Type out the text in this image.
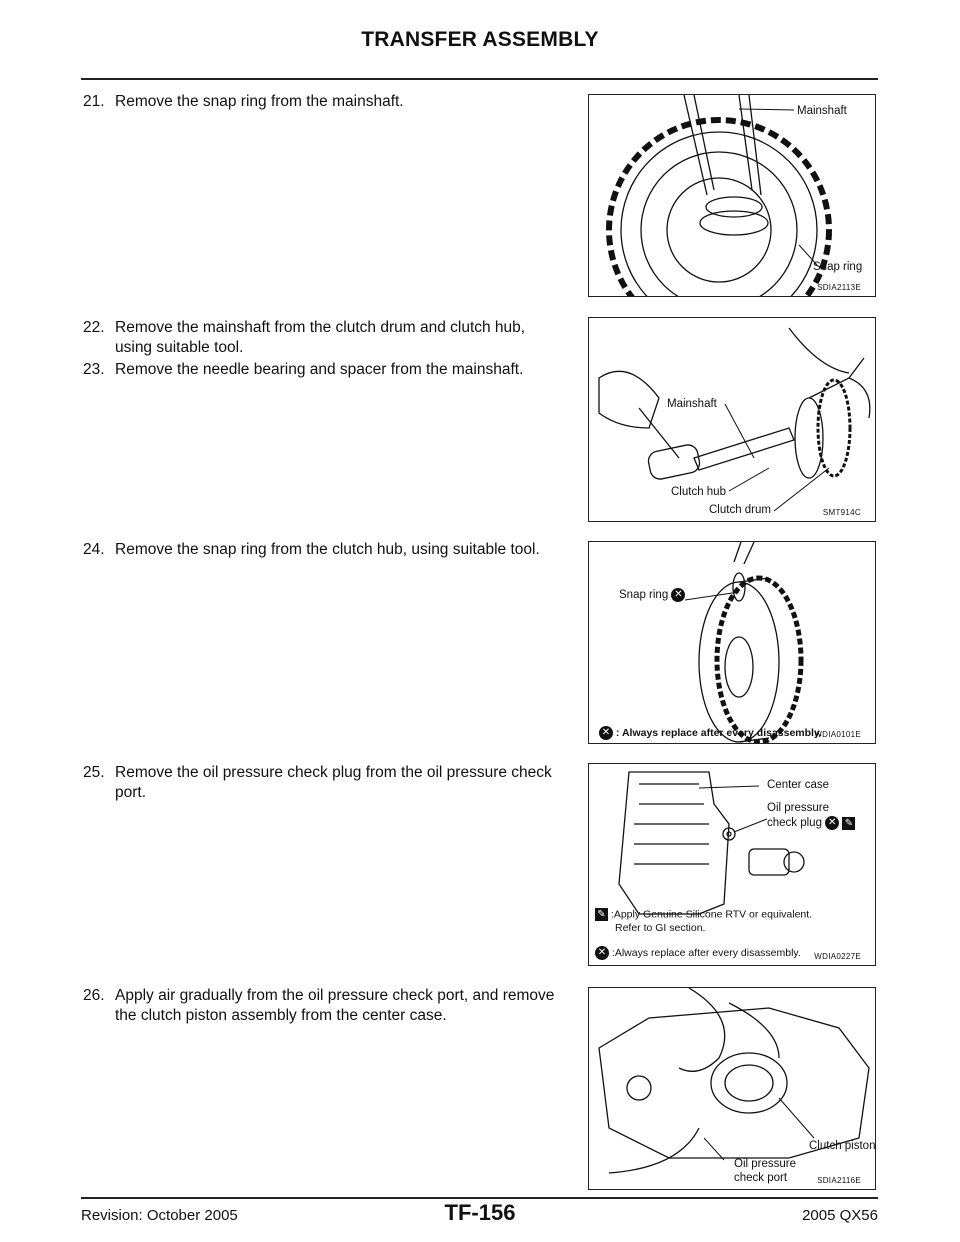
TRANSFER ASSEMBLY
21. Remove the snap ring from the mainshaft.
Mainshaft
Snap ring
SDIA2113E
22. Remove the mainshaft from the clutch drum and clutch hub,
using suitable tool.
23. Remove the needle bearing and spacer from the mainshaft.
Mainshaft
Clutch hub
Clutch drum	SMT914C
24. Remove the snap ring from the clutch hub, using suitable tool.
Snap ring ✕
✕ : Always replace after every disassembly.
WDIA0101E
25. Remove the oil pressure check plug from the oil pressure check
port.	Center case
Oil pressure
check plug ✕ ✎
✎ :Apply Genuine Silicone RTV or equivalent.
Refer to GI section.
✕ :Always replace after every disassembly. WDIA0227E
26. Apply air gradually from the oil pressure check port, and remove
the clutch piston assembly from the center case.
Clutch piston
Oil pressure
check port	SDIA2116E
Revision: October 2005	TF-156	2005 QX56
